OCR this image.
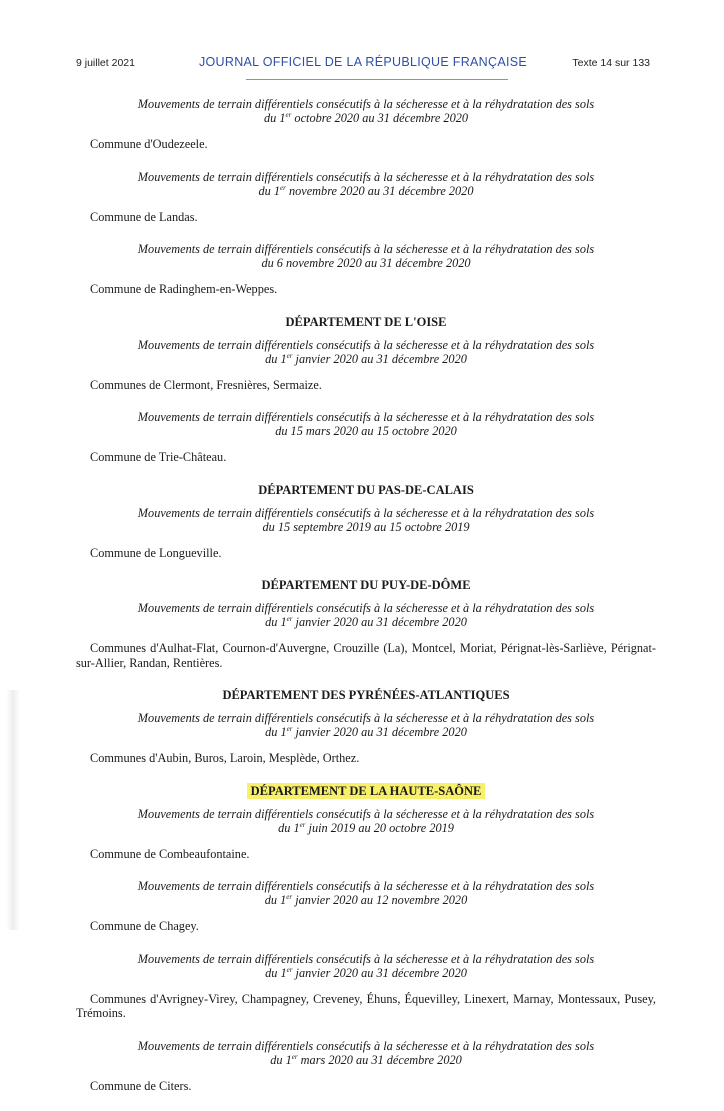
9 juillet 2021	JOURNAL OFFICIEL DE LA RÉPUBLIQUE FRANÇAISE	Texte 14 sur 133
Mouvements de terrain différentiels consécutifs à la sécheresse et à la réhydratation des sols
du 1er octobre 2020 au 31 décembre 2020

Commune d'Oudezeele.

Mouvements de terrain différentiels consécutifs à la sécheresse et à la réhydratation des sols
du 1er novembre 2020 au 31 décembre 2020

Commune de Landas.

Mouvements de terrain différentiels consécutifs à la sécheresse et à la réhydratation des sols
du 6 novembre 2020 au 31 décembre 2020

Commune de Radinghem-en-Weppes.

DÉPARTEMENT DE L'OISE
Mouvements de terrain différentiels consécutifs à la sécheresse et à la réhydratation des sols
du 1er janvier 2020 au 31 décembre 2020

Communes de Clermont, Fresnières, Sermaize.

Mouvements de terrain différentiels consécutifs à la sécheresse et à la réhydratation des sols
du 15 mars 2020 au 15 octobre 2020

Commune de Trie-Château.

DÉPARTEMENT DU PAS-DE-CALAIS
Mouvements de terrain différentiels consécutifs à la sécheresse et à la réhydratation des sols
du 15 septembre 2019 au 15 octobre 2019

Commune de Longueville.

DÉPARTEMENT DU PUY-DE-DÔME
Mouvements de terrain différentiels consécutifs à la sécheresse et à la réhydratation des sols
du 1er janvier 2020 au 31 décembre 2020

Communes d'Aulhat-Flat, Cournon-d'Auvergne, Crouzille (La), Montcel, Moriat, Pérignat-lès-Sarliève, Pérignat-sur-Allier, Randan, Rentières.

DÉPARTEMENT DES PYRÉNÉES-ATLANTIQUES
Mouvements de terrain différentiels consécutifs à la sécheresse et à la réhydratation des sols
du 1er janvier 2020 au 31 décembre 2020

Communes d'Aubin, Buros, Laroin, Mesplède, Orthez.

DÉPARTEMENT DE LA HAUTE-SAÔNE
Mouvements de terrain différentiels consécutifs à la sécheresse et à la réhydratation des sols
du 1er juin 2019 au 20 octobre 2019

Commune de Combeaufontaine.

Mouvements de terrain différentiels consécutifs à la sécheresse et à la réhydratation des sols
du 1er janvier 2020 au 12 novembre 2020

Commune de Chagey.

Mouvements de terrain différentiels consécutifs à la sécheresse et à la réhydratation des sols
du 1er janvier 2020 au 31 décembre 2020

Communes d'Avrigney-Virey, Champagney, Creveney, Éhuns, Équevilley, Linexert, Marnay, Montessaux, Pusey, Trémoins.

Mouvements de terrain différentiels consécutifs à la sécheresse et à la réhydratation des sols
du 1er mars 2020 au 31 décembre 2020

Commune de Citers.
